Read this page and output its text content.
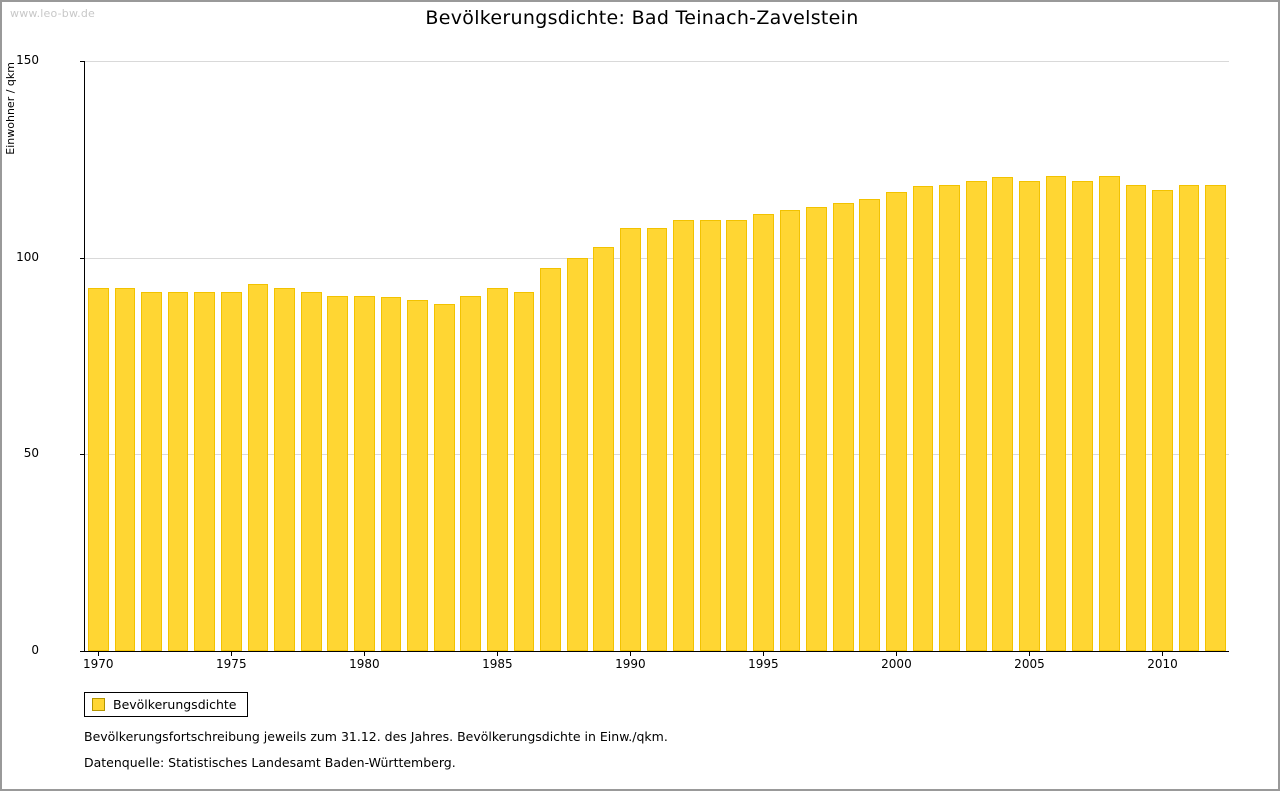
www.leo-bw.de	Bevölkerungsdichte: Bad Teinach-Zavelstein
Einwohner / qkm
0
50
100
150
1970	1975	1980	1985	1990	1995	2000	2005	2010
Bevölkerungsdichte
Bevölkerungsfortschreibung jeweils zum 31.12. des Jahres. Bevölkerungsdichte in Einw./qkm.
Datenquelle: Statistisches Landesamt Baden-Württemberg.
